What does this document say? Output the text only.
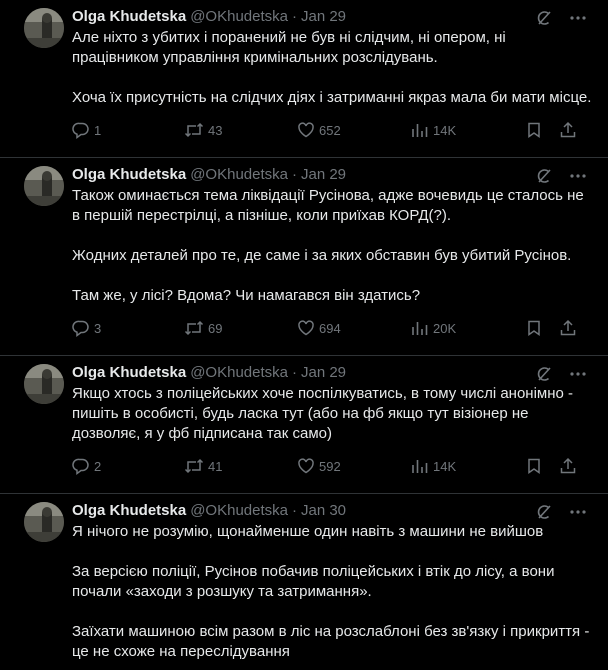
Olga Khudetska @OKhudetska · Jan 29

Але ніхто з убитих і поранений не був ні слідчим, ні опером, ні працівником управління кримінальних розслідувань.

Хоча їх присутність на слідчих діях і затриманні якраз мала би мати місце.

1	43	652	14K
Olga Khudetska @OKhudetska · Jan 29

Також оминається тема ліквідації Русінова, адже вочевидь це сталось не в першій перестрілці, а пізніше, коли приїхав КОРД(?).

Жодних деталей про те, де саме і за яких обставин був убитий Русінов.

Там же, у лісі? Вдома? Чи намагався він здатись?

3	69	694	20K
Olga Khudetska @OKhudetska · Jan 29

Якщо хтось з поліцейських хоче поспілкуватись, в тому числі анонімно - пишіть в особисті, будь ласка тут (або на фб якщо тут візіонер не дозволяє, я у фб підписана так само)

2	41	592	14K
Olga Khudetska @OKhudetska · Jan 30

Я нічого не розумію, щонайменше один навіть з машини не вийшов

За версією поліції, Русінов побачив поліцейських і втік до лісу, а вони почали «заходи з розшуку та затримання».

Заїхати машиною всім разом в ліс на розслаблоні без зв'язку і прикриття - це не схоже на переслідування
